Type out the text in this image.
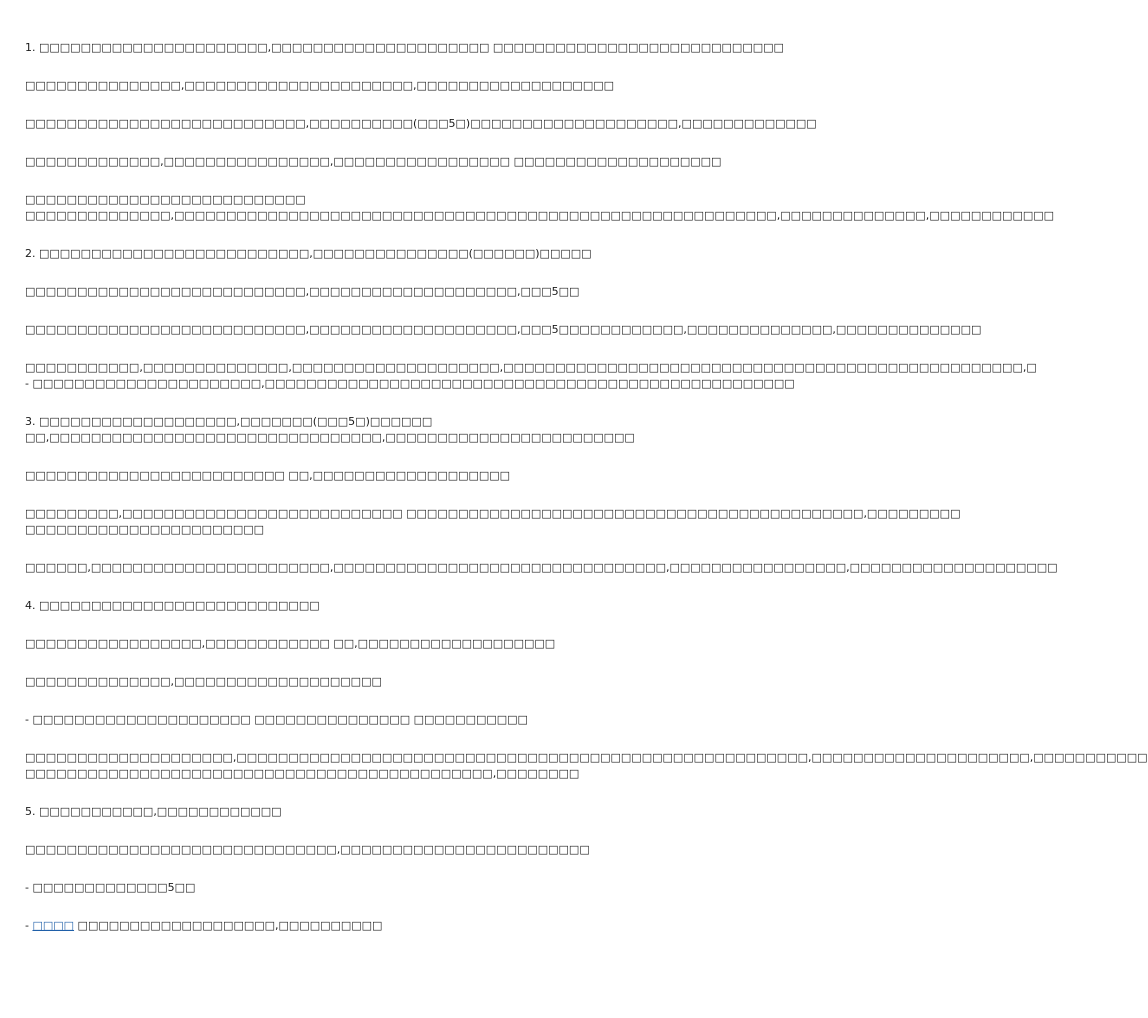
1. □□□□□□□□□□□□□□□□□□□□□□,□□□□□□□□□□□□□□□□□□□□□ □□□□□□□□□□□□□□□□□□□□□□□□□□□□
□□□□□□□□□□□□□□□,□□□□□□□□□□□□□□□□□□□□□□,□□□□□□□□□□□□□□□□□□□
□□□□□□□□□□□□□□□□□□□□□□□□□□□,□□□□□□□□□□(□□□5□)□□□□□□□□□□□□□□□□□□□□,□□□□□□□□□□□□□
□□□□□□□□□□□□□,□□□□□□□□□□□□□□□□,□□□□□□□□□□□□□□□□□ □□□□□□□□□□□□□□□□□□□□
□□□□□□□□□□□□□□□□□□□□□□□□□□□
□□□□□□□□□□□□□□,□□□□□□□□□□□□□□□□□□□□□□□□□□□□□□□□□□□□□□□□□□□□□□□□□□□□□□□□□□,□□□□□□□□□□□□□□,□□□□□□□□□□□□
2. □□□□□□□□□□□□□□□□□□□□□□□□□□,□□□□□□□□□□□□□□□(□□□□□□)□□□□□
□□□□□□□□□□□□□□□□□□□□□□□□□□□,□□□□□□□□□□□□□□□□□□□□,□□□5□□
□□□□□□□□□□□□□□□□□□□□□□□□□□□,□□□□□□□□□□□□□□□□□□□□,□□□5□□□□□□□□□□□□,□□□□□□□□□□□□□□,□□□□□□□□□□□□□□
□□□□□□□□□□□,□□□□□□□□□□□□□□,□□□□□□□□□□□□□□□□□□□□,□□□□□□□□□□□□□□□□□□□□□□□□□□□□□□□□□□□□□□□□□□□□□□□□□□,□
- □□□□□□□□□□□□□□□□□□□□□□,□□□□□□□□□□□□□□□□□□□□□□□□□□□□□□□□□□□□□□□□□□□□□□□□□□□
3. □□□□□□□□□□□□□□□□□□□,□□□□□□□(□□□5□)□□□□□□
□□,□□□□□□□□□□□□□□□□□□□□□□□□□□□□□□□□,□□□□□□□□□□□□□□□□□□□□□□□□
□□□□□□□□□□□□□□□□□□□□□□□□□ □□,□□□□□□□□□□□□□□□□□□□
□□□□□□□□□,□□□□□□□□□□□□□□□□□□□□□□□□□□□ □□□□□□□□□□□□□□□□□□□□□□□□□□□□□□□□□□□□□□□□□□□□,□□□□□□□□□
□□□□□□□□□□□□□□□□□□□□□□□
□□□□□□,□□□□□□□□□□□□□□□□□□□□□□□,□□□□□□□□□□□□□□□□□□□□□□□□□□□□□□□□,□□□□□□□□□□□□□□□□□,□□□□□□□□□□□□□□□□□□□□
4. □□□□□□□□□□□□□□□□□□□□□□□□□□□
□□□□□□□□□□□□□□□□□,□□□□□□□□□□□□ □□,□□□□□□□□□□□□□□□□□□□
□□□□□□□□□□□□□□,□□□□□□□□□□□□□□□□□□□□
- □□□□□□□□□□□□□□□□□□□□□ □□□□□□□□□□□□□□□ □□□□□□□□□□□
□□□□□□□□□□□□□□□□□□□□,□□□□□□□□□□□□□□□□□□□□□□□□□□□□□□□□□□□□□□□□□□□□□□□□□□□□□□□,□□□□□□□□□□□□□□□□□□□□□,□□□□□□□□□□□
□□□□□□□□□□□□□□□□□□□□□□□□□□□□□□□□□□□□□□□□□□□□□,□□□□□□□□
5. □□□□□□□□□□□,□□□□□□□□□□□□
□□□□□□□□□□□□□□□□□□□□□□□□□□□□□□,□□□□□□□□□□□□□□□□□□□□□□□□
- □□□□□□□□□□□□□5□□
- □□□□ □□□□□□□□□□□□□□□□□□□,□□□□□□□□□□
